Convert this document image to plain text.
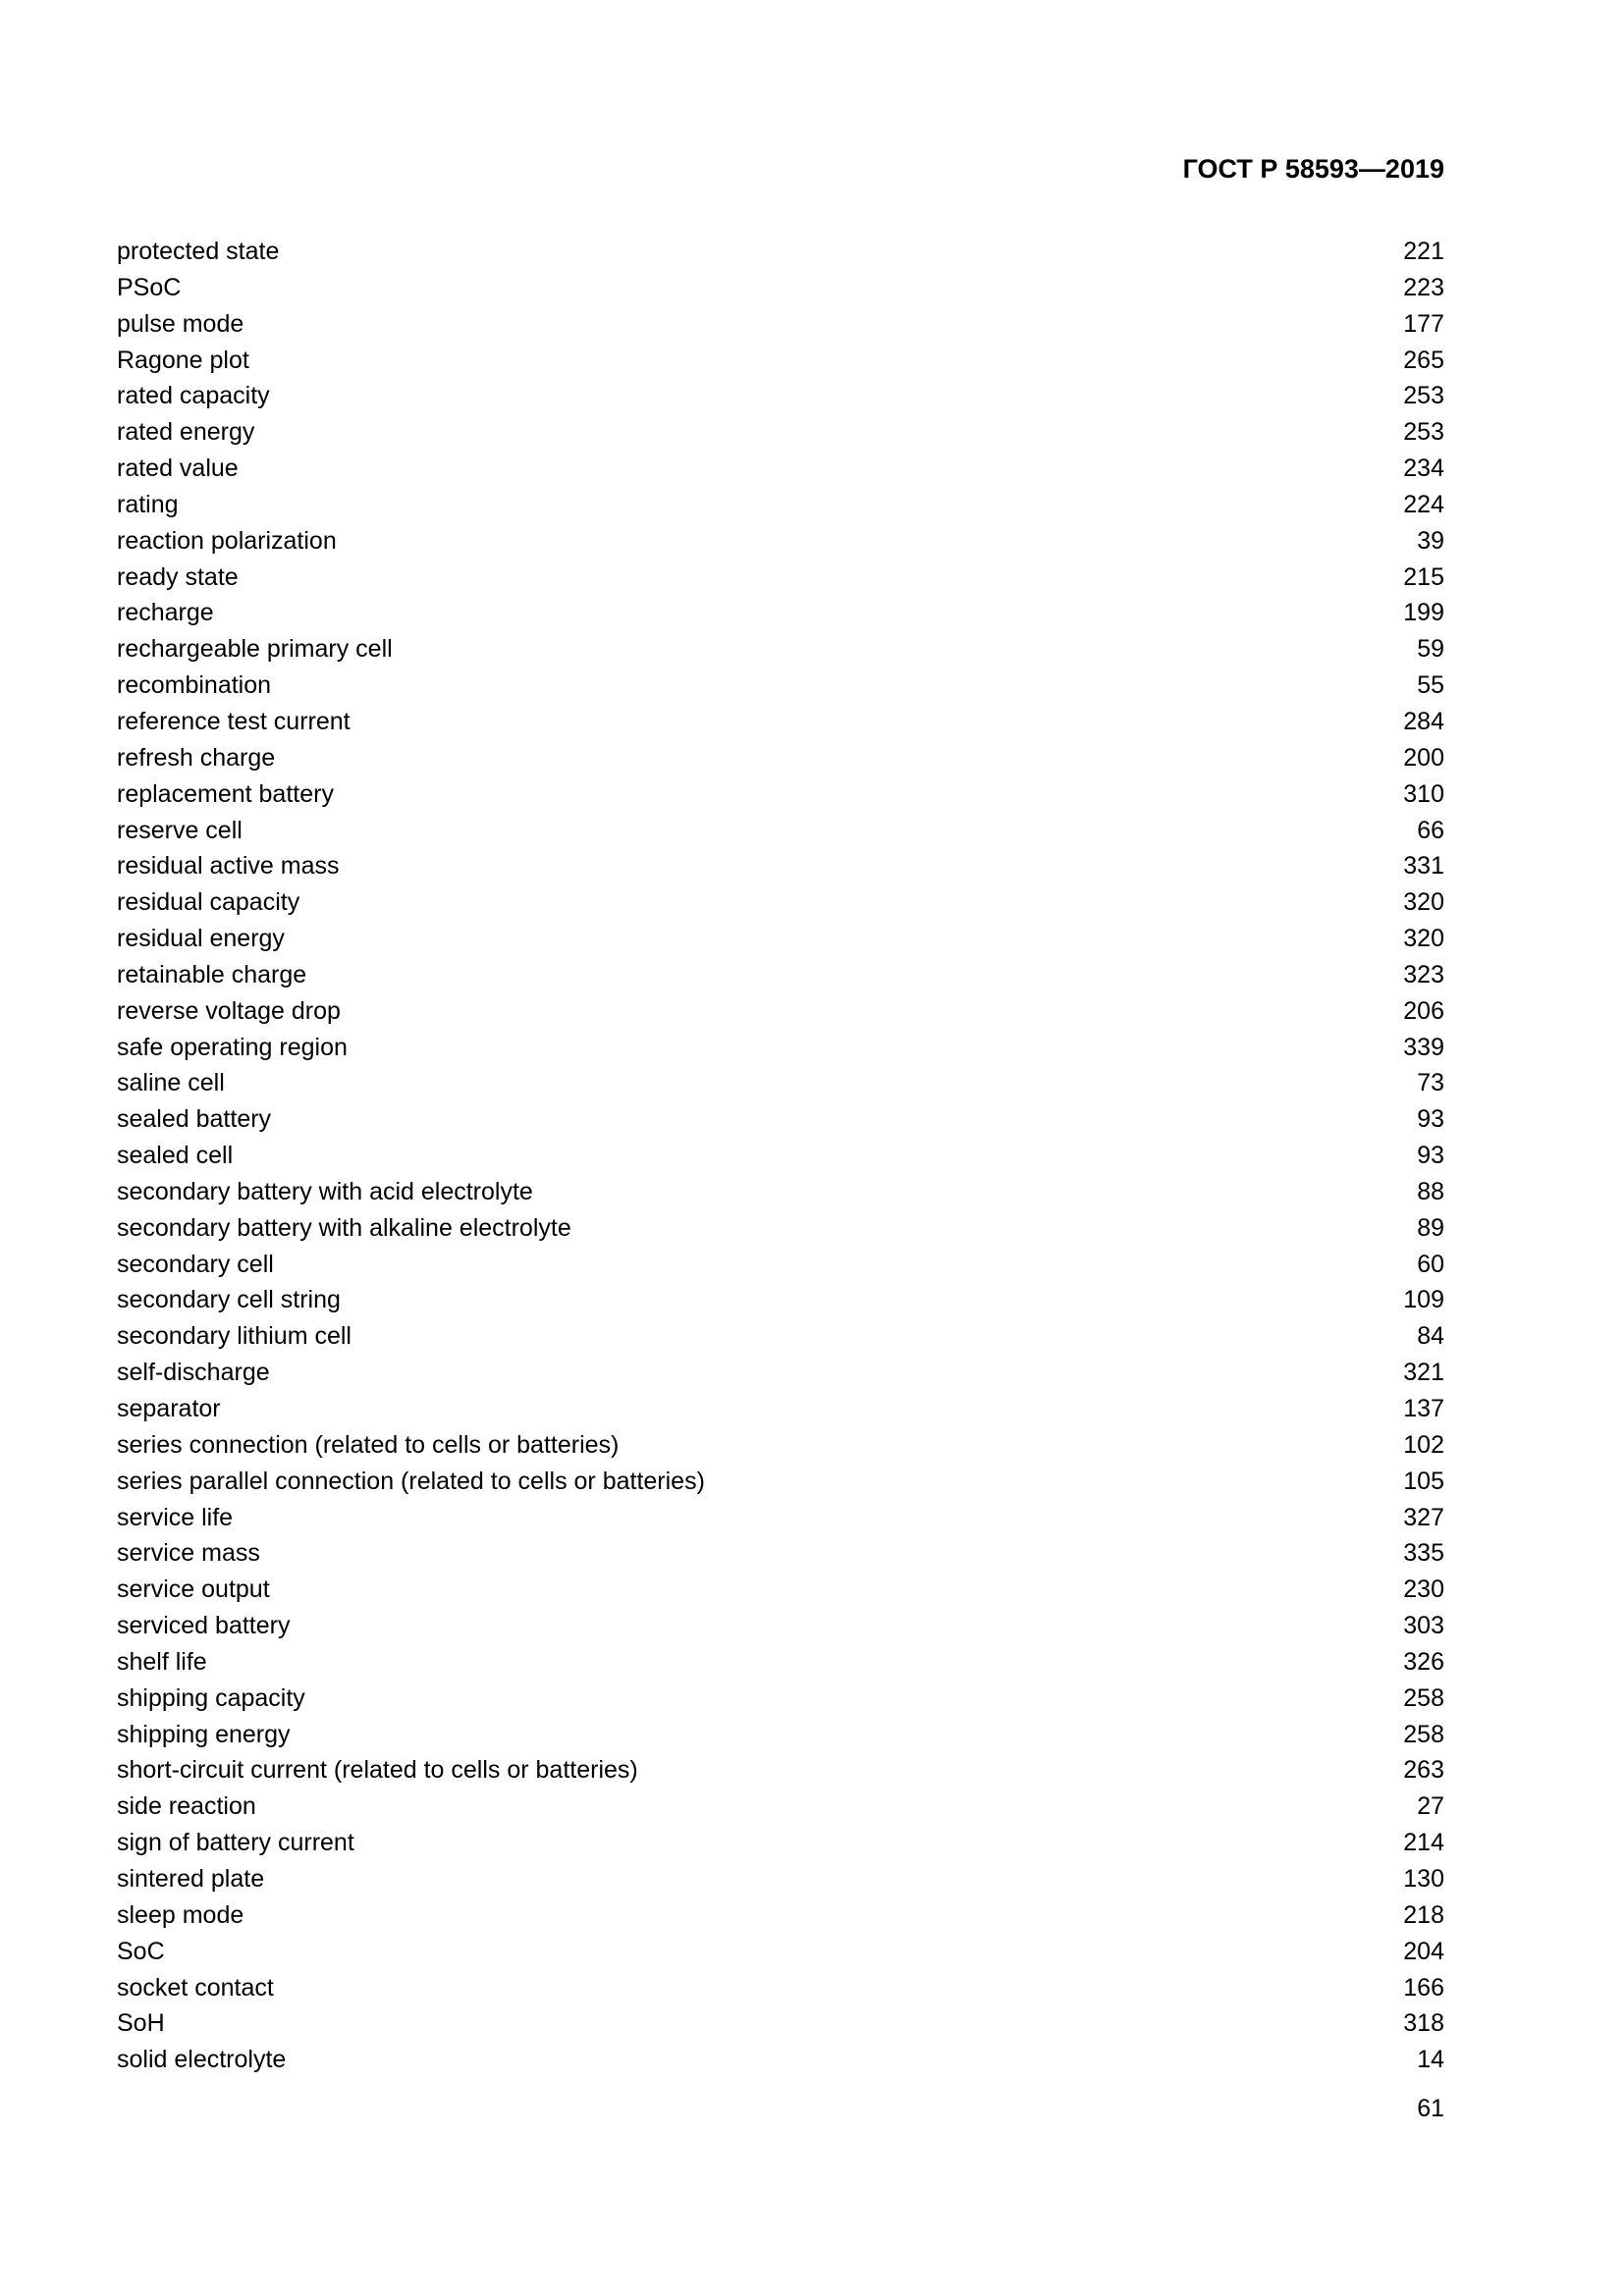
ГОСТ Р 58593—2019
protected state	221
PSoC	223
pulse mode	177
Ragone plot	265
rated capacity	253
rated energy	253
rated value	234
rating	224
reaction polarization	39
ready state	215
recharge	199
rechargeable primary cell	59
recombination	55
reference test current	284
refresh charge	200
replacement battery	310
reserve cell	66
residual active mass	331
residual capacity	320
residual energy	320
retainable charge	323
reverse voltage drop	206
safe operating region	339
saline cell	73
sealed battery	93
sealed cell	93
secondary battery with acid electrolyte	88
secondary battery with alkaline electrolyte	89
secondary cell	60
secondary cell string	109
secondary lithium cell	84
self-discharge	321
separator	137
series connection (related to cells or batteries)	102
series parallel connection (related to cells or batteries)	105
service life	327
service mass	335
service output	230
serviced battery	303
shelf life	326
shipping capacity	258
shipping energy	258
short-circuit current (related to cells or batteries)	263
side reaction	27
sign of battery current	214
sintered plate	130
sleep mode	218
SoC	204
socket contact	166
SoH	318
solid electrolyte	14
61
